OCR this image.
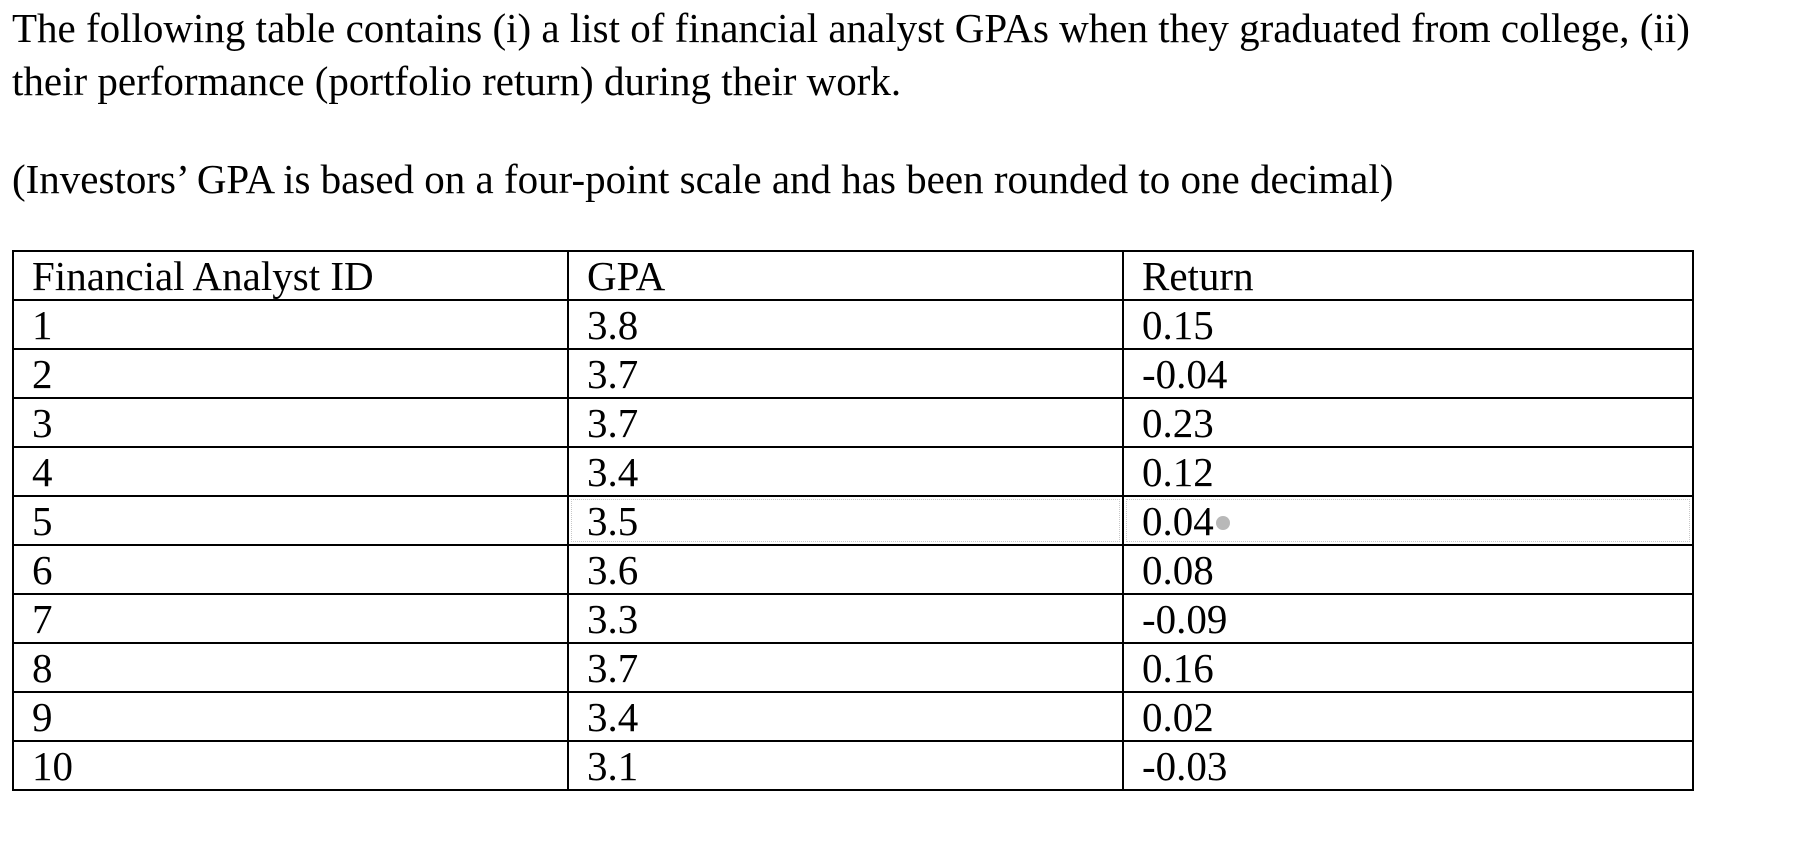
The following table contains (i) a list of financial analyst GPAs when they graduated from college, (ii) their performance (portfolio return) during their work.

(Investors’ GPA is based on a four-point scale and has been rounded to one decimal)

Financial Analyst ID	GPA	Return
1	3.8	0.15
2	3.7	-0.04
3	3.7	0.23
4	3.4	0.12
5	3.5	0.04
6	3.6	0.08
7	3.3	-0.09
8	3.7	0.16
9	3.4	0.02
10	3.1	-0.03
